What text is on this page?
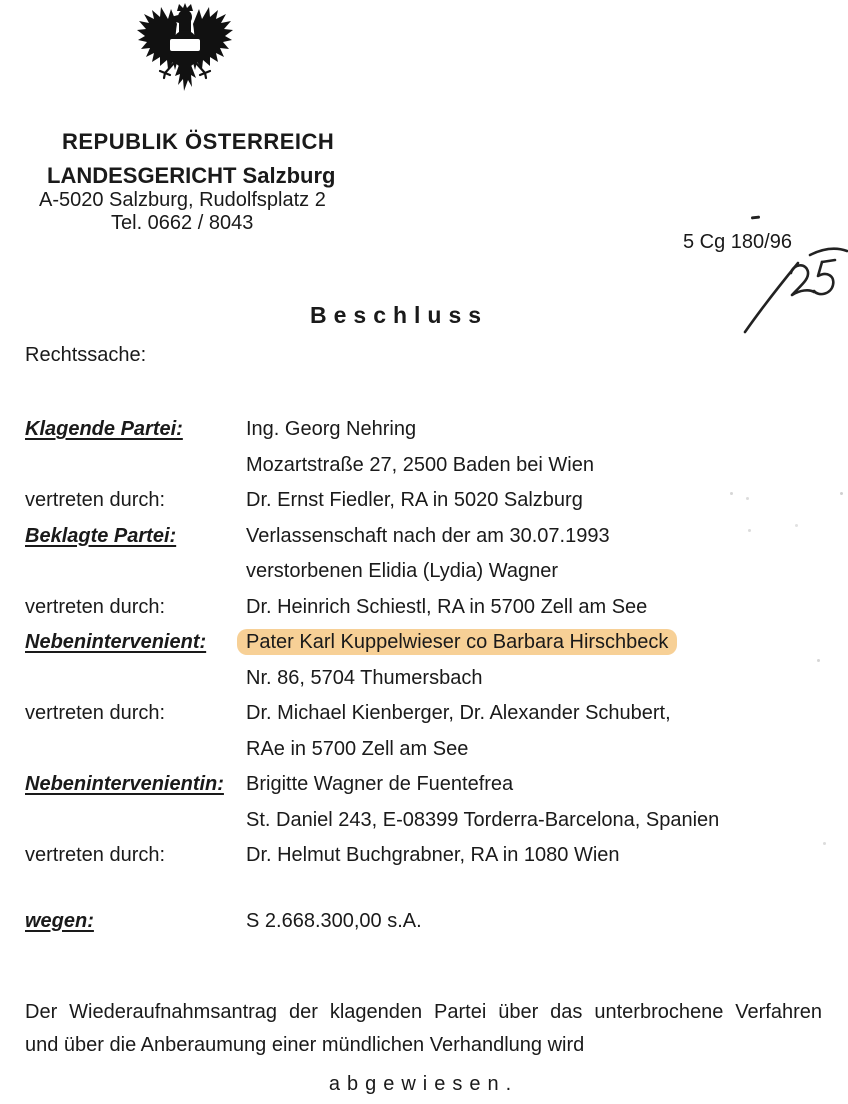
REPUBLIK ÖSTERREICH
LANDESGERICHT Salzburg
A-5020 Salzburg, Rudolfsplatz 2
Tel. 0662 / 8043
5 Cg 180/96
Beschluss
Rechtssache:
Klagende Partei:	Ing. Georg Nehring
Mozartstraße 27, 2500 Baden bei Wien
vertreten durch:	Dr. Ernst Fiedler, RA in 5020 Salzburg
Beklagte Partei:	Verlassenschaft nach der am 30.07.1993
verstorbenen Elidia (Lydia) Wagner
vertreten durch:	Dr. Heinrich Schiestl, RA in 5700 Zell am See
Nebenintervenient:	Pater Karl Kuppelwieser co Barbara Hirschbeck
Nr. 86, 5704 Thumersbach
vertreten durch:	Dr. Michael Kienberger, Dr. Alexander Schubert,
RAe in 5700 Zell am See
Nebenintervenientin:	Brigitte Wagner de Fuentefrea
St. Daniel 243, E-08399 Torderra-Barcelona, Spanien
vertreten durch:	Dr. Helmut Buchgrabner, RA in 1080 Wien
wegen:	S 2.668.300,00 s.A.
Der Wiederaufnahmsantrag der klagenden Partei über das unterbrochene Verfahren
und über die Anberaumung einer mündlichen Verhandlung wird
abgewiesen.
